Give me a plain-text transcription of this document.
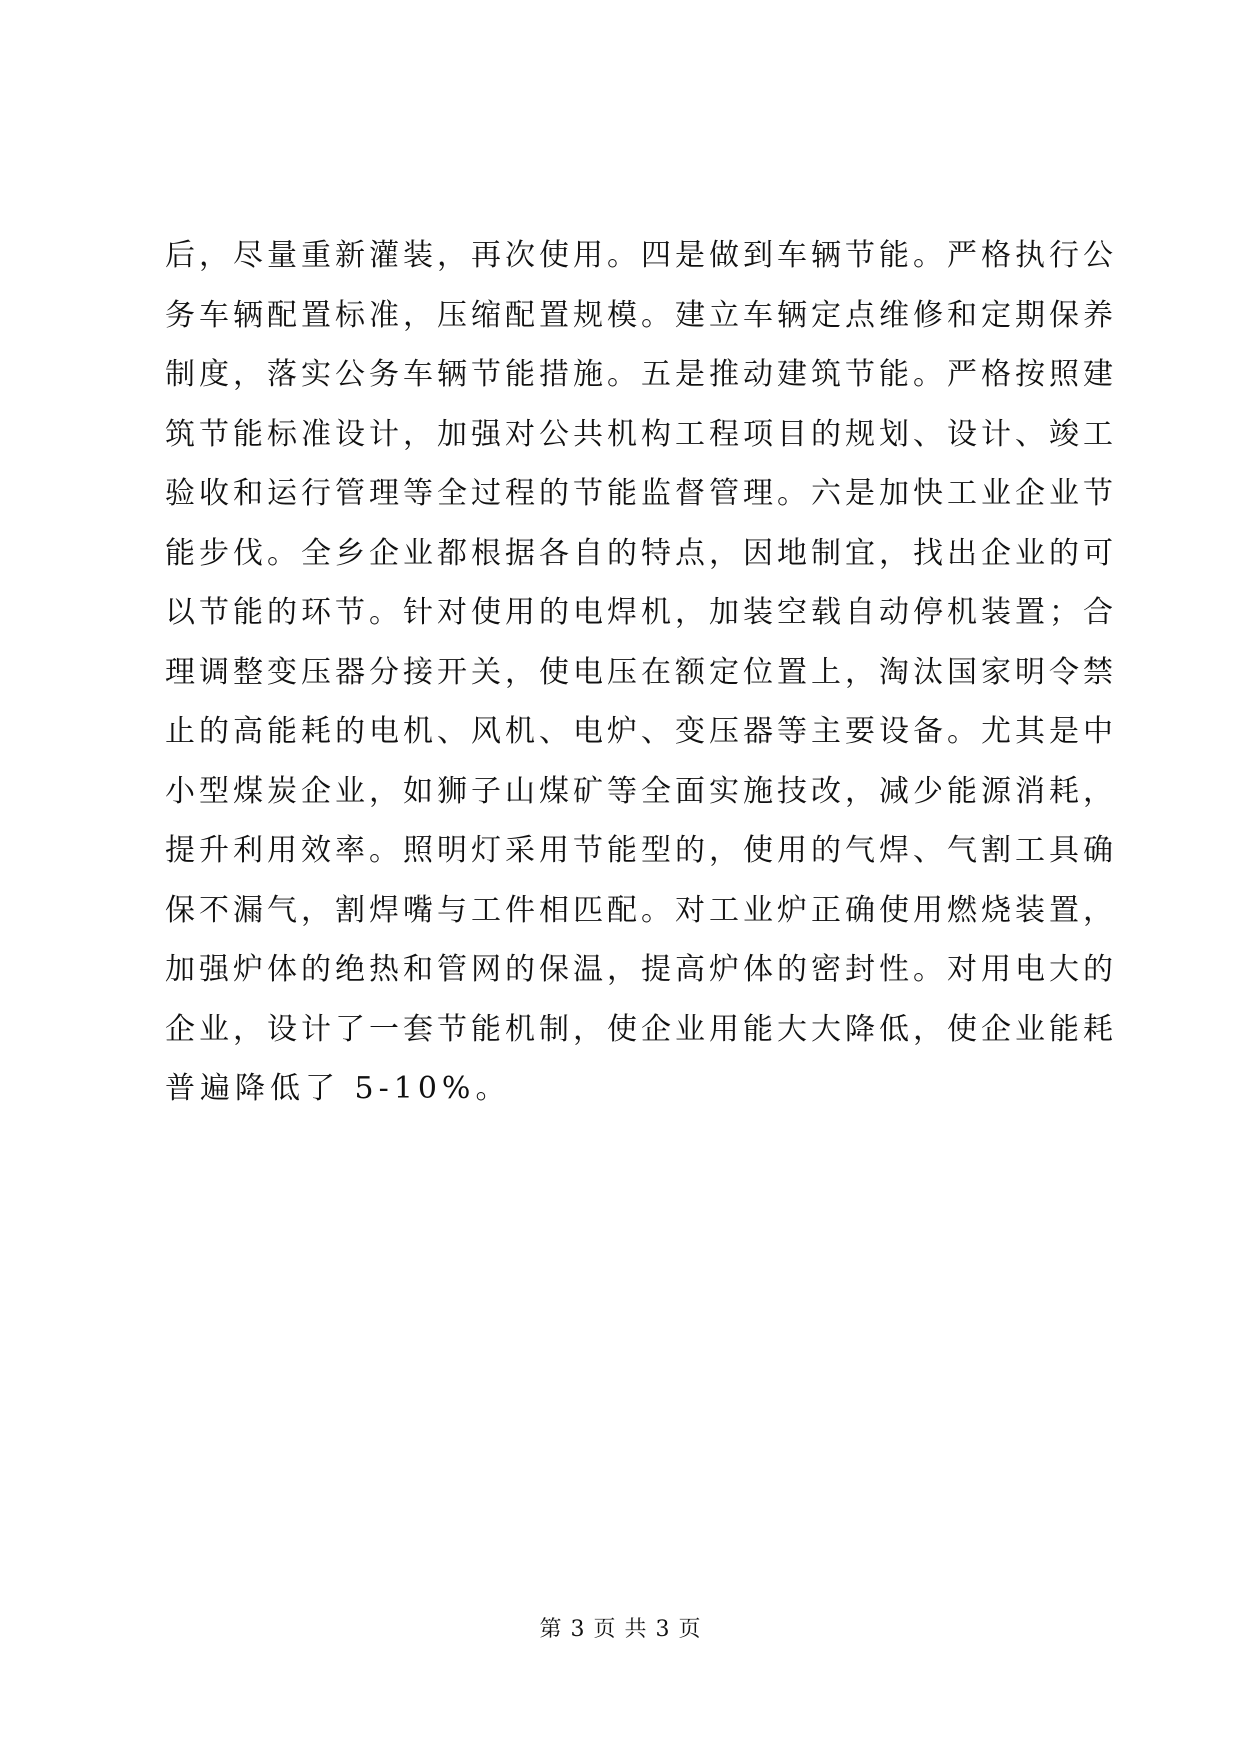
后，尽量重新灌装，再次使用。四是做到车辆节能。严格执行公
务车辆配置标准，压缩配置规模。建立车辆定点维修和定期保养
制度，落实公务车辆节能措施。五是推动建筑节能。严格按照建
筑节能标准设计，加强对公共机构工程项目的规划、设计、竣工
验收和运行管理等全过程的节能监督管理。六是加快工业企业节
能步伐。全乡企业都根据各自的特点，因地制宜，找出企业的可
以节能的环节。针对使用的电焊机，加装空载自动停机装置；合
理调整变压器分接开关，使电压在额定位置上，淘汰国家明令禁
止的高能耗的电机、风机、电炉、变压器等主要设备。尤其是中
小型煤炭企业，如狮子山煤矿等全面实施技改，减少能源消耗，
提升利用效率。照明灯采用节能型的，使用的气焊、气割工具确
保不漏气，割焊嘴与工件相匹配。对工业炉正确使用燃烧装置，
加强炉体的绝热和管网的保温，提高炉体的密封性。对用电大的
企业，设计了一套节能机制，使企业用能大大降低，使企业能耗
普遍降低了 5-10%。
第 3 页 共 3 页
